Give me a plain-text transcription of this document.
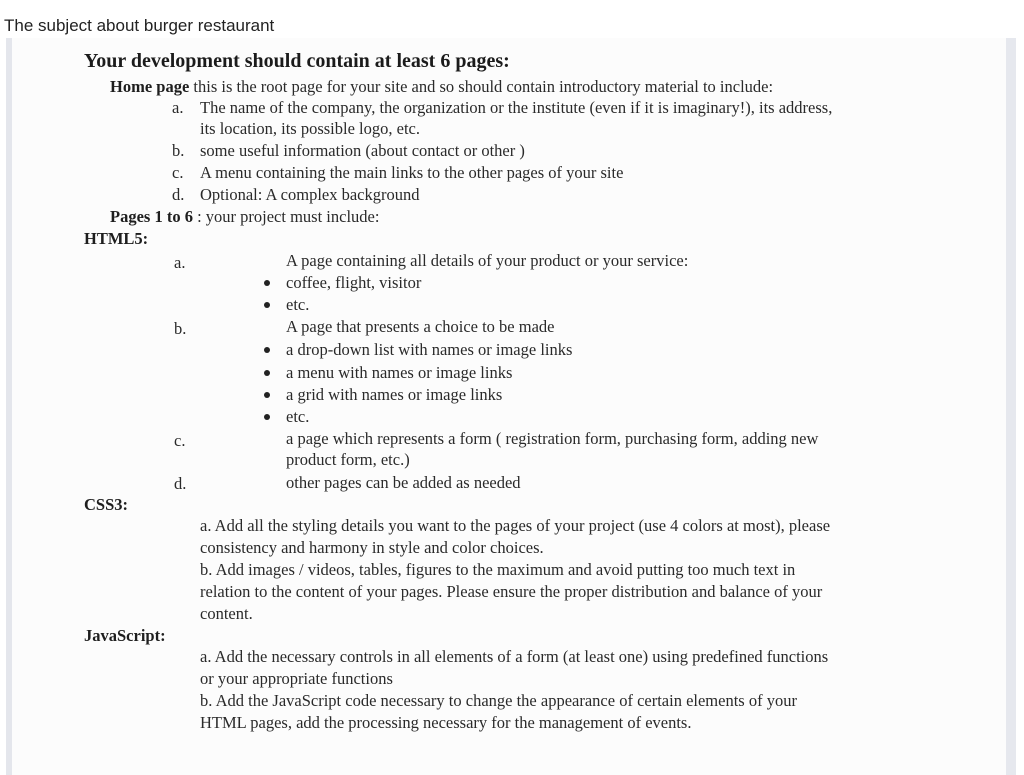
The subject about burger restaurant
Your development should contain at least 6 pages:
Home page this is the root page for your site and so should contain introductory material to include:
a. The name of the company, the organization or the institute (even if it is imaginary!), its address,
its location, its possible logo, etc.
b. some useful information (about contact or other )
c. A menu containing the main links to the other pages of your site
d. Optional: A complex background
Pages 1 to 6 : your project must include:
HTML5:
a.	A page containing all details of your product or your service:
coffee, flight, visitor
etc.
b.	A page that presents a choice to be made
a drop-down list with names or image links
a menu with names or image links
a grid with names or image links
etc.
c.	a page which represents a form ( registration form, purchasing form, adding new
product form, etc.)
d.	other pages can be added as needed
CSS3:
a. Add all the styling details you want to the pages of your project (use 4 colors at most), please
consistency and harmony in style and color choices.
b. Add images / videos, tables, figures to the maximum and avoid putting too much text in
relation to the content of your pages. Please ensure the proper distribution and balance of your
content.
JavaScript:
a. Add the necessary controls in all elements of a form (at least one) using predefined functions
or your appropriate functions
b. Add the JavaScript code necessary to change the appearance of certain elements of your
HTML pages, add the processing necessary for the management of events.
